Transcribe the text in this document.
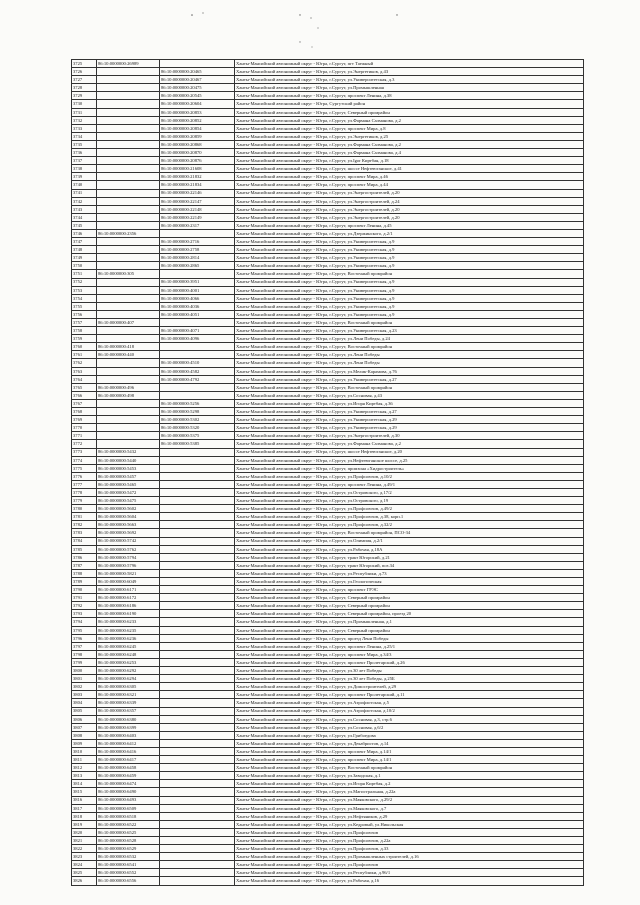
3725	86:10:0000000:26989		Ханты-Мансийский автономный округ - Югра, г.Сургут, пгт Таежный
3726		86:10:0000000:20465	Ханты-Мансийский автономный округ - Югра, г.Сургут, ул.Энергетиков, д.43
3727		86:10:0000000:20467	Ханты-Мансийский автономный округ - Югра, г.Сургут, ул.Университетская, д.3
3728		86:10:0000000:20475	Ханты-Мансийский автономный округ - Югра, г.Сургут, ул.Промышленная
3729		86:10:0000000:20545	Ханты-Мансийский автономный округ - Югра, г.Сургут, проспект Ленина, д.38
3730		86:10:0000000:20604	Ханты-Мансийский автономный округ - Югра, Сургутский район
3731		86:10:0000000:20853	Ханты-Мансийский автономный округ - Югра, г.Сургут, Северный промрайон
3732		86:10:0000000:20852	Ханты-Мансийский автономный округ - Югра, г.Сургут, ул.Фармана Салманова, д.2
3733		86:10:0000000:20854	Ханты-Мансийский автономный округ - Югра, г.Сургут, проспект Мира, д.8
3734		86:10:0000000:20859	Ханты-Мансийский автономный округ - Югра, г.Сургут, ул.Энергетиков, д.25
3735		86:10:0000000:20868	Ханты-Мансийский автономный округ - Югра, г.Сургут, ул.Фармана Салманова, д.2
3736		86:10:0000000:20870	Ханты-Мансийский автономный округ - Югра, г.Сургут, ул.Фармана Салманова, д.4
3737		86:10:0000000:20876	Ханты-Мансийский автономный округ - Югра, г.Сургут, ул.Igor Киртбая, д.18
3738		86:10:0000000:21608	Ханты-Мансийский автономный округ - Югра, г.Сургут, шоссе Нефтеюганское, д.41
3739		86:10:0000000:21832	Ханты-Мансийский автономный округ - Югра, г.Сургут, проспект Мира, д.46
3740		86:10:0000000:21834	Ханты-Мансийский автономный округ - Югра, г.Сургут, проспект Мира, д.44
3741		86:10:0000000:22146	Ханты-Мансийский автономный округ - Югра, г.Сургут, ул.Энергостроителей, д.20
3742		86:10:0000000:22147	Ханты-Мансийский автономный округ - Югра, г.Сургут, ул.Энергостроителей, д.24
3743		86:10:0000000:22148	Ханты-Мансийский автономный округ - Югра, г.Сургут, ул.Энергостроителей, д.20
3744		86:10:0000000:22149	Ханты-Мансийский автономный округ - Югра, г.Сургут, ул.Энергостроителей, д.20
3745		86:10:0000000:2317	Ханты-Мансийский автономный округ - Югра, г.Сургут, проспект Ленина, д.45
3746	86:10:0000000:2356		Ханты-Мансийский автономный округ - Югра, г.Сургут, ул.Дзержинского, д.2/1
3747		86:10:0000000:2716	Ханты-Мансийский автономный округ - Югра, г.Сургут, ул.Университетская, д.9
3748		86:10:0000000:2758	Ханты-Мансийский автономный округ - Югра, г.Сургут, ул.Университетская, д.9
3749		86:10:0000000:2814	Ханты-Мансийский автономный округ - Югра, г.Сургут, ул.Университетская, д.9
3750		86:10:0000000:2865	Ханты-Мансийский автономный округ - Югра, г.Сургут, ул.Университетская, д.9
3751	86:10:0000000:305		Ханты-Мансийский автономный округ - Югра, г.Сургут, Восточный промрайон
3752		86:10:0000000:3951	Ханты-Мансийский автономный округ - Югра, г.Сургут, ул.Университетская, д.9
3753		86:10:0000000:4001	Ханты-Мансийский автономный округ - Югра, г.Сургут, ул.Университетская, д.9
3754		86:10:0000000:4066	Ханты-Мансийский автономный округ - Югра, г.Сургут, ул.Университетская, д.9
3755		86:10:0000000:4036	Ханты-Мансийский автономный округ - Югра, г.Сургут, ул.Университетская, д.9
3756		86:10:0000000:4051	Ханты-Мансийский автономный округ - Югра, г.Сургут, ул.Университетская, д.9
3757	86:10:0000000:407		Ханты-Мансийский автономный округ - Югра, г.Сургут, Восточный промрайон
3758		86:10:0000000:4071	Ханты-Мансийский автономный округ - Югра, г.Сургут, ул.Университетская, д.23
3759		86:10:0000000:4096	Ханты-Мансийский автономный округ - Югра, г.Сургут, ул.Лени Победы, д.24
3760	86:10:0000000:418		Ханты-Мансийский автономный округ - Югра, г.Сургут, Восточный промрайон
3761	86:10:0000000:440		Ханты-Мансийский автономный округ - Югра, г.Сургут, ул.Лени Победы
3762		86:10:0000000:4510	Ханты-Мансийский автономный округ - Югра, г.Сургут, ул.Лени Победы
3763		86:10:0000000:4582	Ханты-Мансийский автономный округ - Югра, г.Сургут, ул.Мелик-Карамова, д.76
3764		86:10:0000000:4792	Ханты-Мансийский автономный округ - Югра, г.Сургут, ул.Университетская, д.27
3765	86:10:0000000:496		Ханты-Мансийский автономный округ - Югра, г.Сургут, Восточный промрайон
3766	86:10:0000000:498		Ханты-Мансийский автономный округ - Югра, г.Сургут, ул.Сосновая, д.43
3767		86:10:0000000:5256	Ханты-Мансийский автономный округ - Югра, г.Сургут, ул.Игоря Киртбая, д.36
3768		86:10:0000000:5298	Ханты-Мансийский автономный округ - Югра, г.Сургут, ул.Университетская, д.27
3769		86:10:0000000:5302	Ханты-Мансийский автономный округ - Югра, г.Сургут, ул.Университетская, д.29
3770		86:10:0000000:5320	Ханты-Мансийский автономный округ - Югра, г.Сургут, ул.Университетская, д.29
3771		86:10:0000000:5375	Ханты-Мансийский автономный округ - Югра, г.Сургут, ул.Энергостроителей, д.30
3772		86:10:0000000:5385	Ханты-Мансийский автономный округ - Югра, г.Сургут, ул.Фармана Салманова, д.2
3773	86:10:0000000:5432		Ханты-Мансийский автономный округ - Югра, г.Сургут, шоссе Нефтеюганское, д.20
3774	86:10:0000000:5440		Ханты-Мансийский автономный округ - Югра, г.Сургут, ул.Нефтеюганское шоссе, д.25
3775	86:10:0000000:5453		Ханты-Мансийский автономный округ - Югра, г.Сургут, промзона «Хидростроитель»
3776	86:10:0000000:5457		Ханты-Мансийский автономный округ - Югра, г.Сургут, ул.Профсоюзов, д.10/2
3777	86:10:0000000:5465		Ханты-Мансийский автономный округ - Югра, г.Сургут, проспект Ленина, д.49/1
3778	86:10:0000000:5472		Ханты-Мансийский автономный округ - Югра, г.Сургут, ул.Островского, д.17/2
3779	86:10:0000000:5475		Ханты-Мансийский автономный округ - Югра, г.Сургут, ул.Островского, д.19
3780	86:10:0000000:5602		Ханты-Мансийский автономный округ - Югра, г.Сургут, ул.Профсоюзов, д.49/2
3781	86:10:0000000:5604		Ханты-Мансийский автономный округ - Югра, г.Сургут, ул.Профсоюзов, д.38, корп.1
3782	86:10:0000000:5663		Ханты-Мансийский автономный округ - Югра, г.Сургут, ул.Профсоюзов, д.32/2
3783	86:10:0000000:5692		Ханты-Мансийский автономный округ - Югра, г.Сургут, Восточный промрайон, ПСО-34
3784	86:10:0000000:5742		Ханты-Мансийский автономный округ - Югра, г.Сургут, ул.Олимпия, д.2/1
3785	86:10:0000000:5762		Ханты-Мансийский автономный округ - Югра, г.Сургут, ул.Рабочая, д.18А
3786	86:10:0000000:5794		Ханты-Мансийский автономный округ - Югра, г.Сургут, тракт Югорский, д.21
3787	86:10:0000000:5796		Ханты-Мансийский автономный округ - Югра, г.Сургут, тракт Югорский, поз.34
3788	86:10:0000000:5821		Ханты-Мансийский автономный округ - Югра, г.Сургут, ул.Республики, д.73
3789	86:10:0000000:6049		Ханты-Мансийский автономный округ - Югра, г.Сургут, ул.Геологическая
3790	86:10:0000000:6171		Ханты-Мансийский автономный округ - Югра, г.Сургут, проспект ГРЭС
3791	86:10:0000000:6172		Ханты-Мансийский автономный округ - Югра, г.Сургут, Северный промрайон
3792	86:10:0000000:6186		Ханты-Мансийский автономный округ - Югра, г.Сургут, Северный промрайон
3793	86:10:0000000:6190		Ханты-Мансийский автономный округ - Югра, г.Сургут, Северный промрайон, проезд 20
3794	86:10:0000000:6233		Ханты-Мансийский автономный округ - Югра, г.Сургут, ул.Промышленная, д.1
3795	86:10:0000000:6235		Ханты-Мансийский автономный округ - Югра, г.Сургут, Северный промрайон
3796	86:10:0000000:6236		Ханты-Мансийский автономный округ - Югра, г.Сургут, проезд Лени Победы
3797	86:10:0000000:6245		Ханты-Мансийский автономный округ - Югра, г.Сургут, проспект Ленина, д.25/1
3798	86:10:0000000:6248		Ханты-Мансийский автономный округ - Югра, г.Сургут, проспект Мира, д.34/3
3799	86:10:0000000:6253		Ханты-Мансийский автономный округ - Югра, г.Сургут, проспект Пролетарский, д.26
3800	86:10:0000000:6292		Ханты-Мансийский автономный округ - Югра, г.Сургут, ул.30 лет Победы
3801	86:10:0000000:6294		Ханты-Мансийский автономный округ - Югра, г.Сургут, ул.30 лет Победы, д.25Б
3802	86:10:0000000:6305		Ханты-Мансийский автономный округ - Югра, г.Сургут, ул.Домостроителей, д.29
3803	86:10:0000000:6321		Ханты-Мансийский автономный округ - Югра, г.Сургут, проспект Пролетарский, д.11
3804	86:10:0000000:6339		Ханты-Мансийский автономный округ - Югра, г.Сургут, ул.Аэрофлотская, д.5
3805	86:10:0000000:6357		Ханты-Мансийский автономный округ - Югра, г.Сургут, ул.Аэрофлотская, д.10/2
3806	86:10:0000000:6380		Ханты-Мансийский автономный округ - Югра, г.Сургут, ул.Сосновая, д.3, стр.6
3807	86:10:0000000:6399		Ханты-Мансийский автономный округ - Югра, г.Сургут, ул.Сосновая, д.6/2
3808	86:10:0000000:6403		Ханты-Мансийский автономный округ - Югра, г.Сургут, ул.Грибоедова
3809	86:10:0000000:6412		Ханты-Мансийский автономный округ - Югра, г.Сургут, ул.Декабристов, д.14
3810	86:10:0000000:6416		Ханты-Мансийский автономный округ - Югра, г.Сургут, проспект Мира, д.14/1
3811	86:10:0000000:6417		Ханты-Мансийский автономный округ - Югра, г.Сургут, проспект Мира, д.14/1
3812	86:10:0000000:6458		Ханты-Мансийский автономный округ - Югра, г.Сургут, Восточный промрайон
3813	86:10:0000000:6459		Ханты-Мансийский автономный округ - Югра, г.Сургут, ул.Заводская, д.1
3814	86:10:0000000:6474		Ханты-Мансийский автономный округ - Югра, г.Сургут, ул.Игоря Киртбая, д.2
3815	86:10:0000000:6490		Ханты-Мансийский автономный округ - Югра, г.Сургут, ул.Магистральная, д.22а
3816	86:10:0000000:6493		Ханты-Мансийский автономный округ - Югра, г.Сургут, ул.Маяковского, д.29/2
3817	86:10:0000000:6509		Ханты-Мансийский автономный округ - Югра, г.Сургут, ул.Маяковского, д.7
3818	86:10:0000000:6518		Ханты-Мансийский автономный округ - Югра, г.Сургут, ул.Нефтяников, д.29
3819	86:10:0000000:6522		Ханты-Мансийский автономный округ - Югра, г.Сургут, ул.Кедровый, ул.Никольская
3820	86:10:0000000:6525		Ханты-Мансийский автономный округ - Югра, г.Сургут, ул.Профсоюзов
3821	86:10:0000000:6528		Ханты-Мансийский автономный округ - Югра, г.Сургут, ул.Профсоюзов, д.22а
3822	86:10:0000000:6529		Ханты-Мансийский автономный округ - Югра, г.Сургут, ул.Профсоюзов, д.33
3823	86:10:0000000:6532		Ханты-Мансийский автономный округ - Югра, г.Сургут, ул.Промышленных строителей, д.16
3824	86:10:0000000:6541		Ханты-Мансийский автономный округ - Югра, г.Сургут, ул.Профсоюзов
3825	86:10:0000000:6552		Ханты-Мансийский автономный округ - Югра, г.Сургут, ул.Республики, д.96/1
3826	86:10:0000000:6556		Ханты-Мансийский автономный округ - Югра, г.Сургут, ул.Рабочая, д.16
